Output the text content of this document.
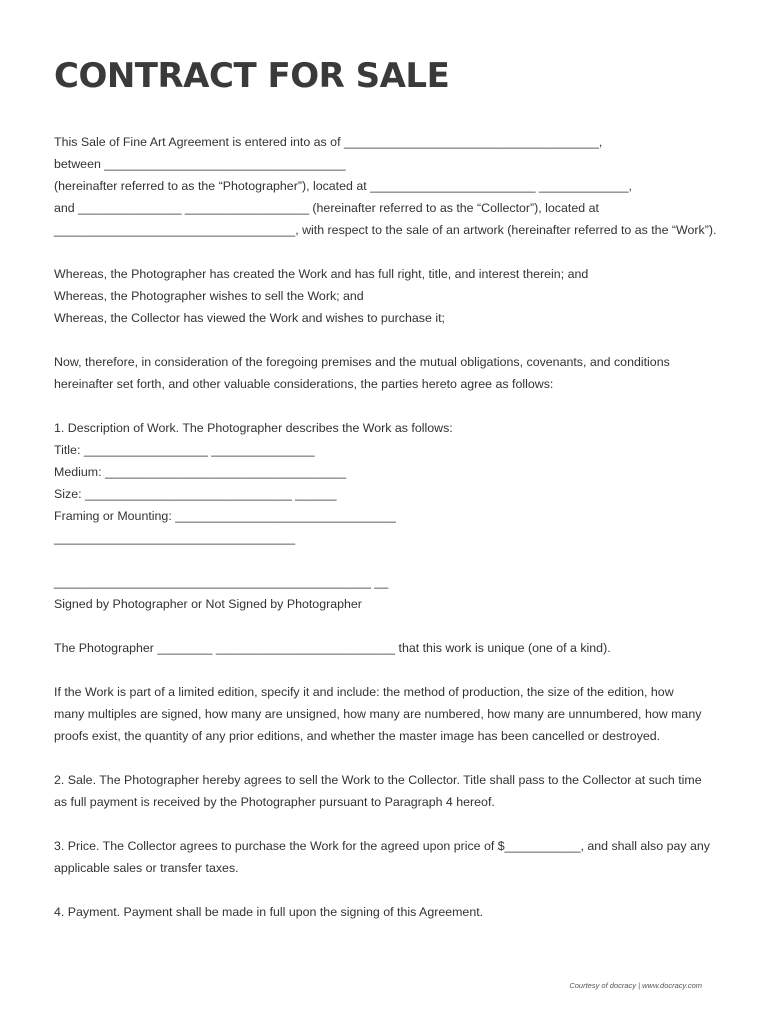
CONTRACT FOR SALE
This Sale of Fine Art Agreement is entered into as of _____________________________________,
between ___________________________________
(hereinafter referred to as the “Photographer”), located at ________________________ _____________,
and _______________ __________________ (hereinafter referred to as the “Collector”), located at
___________________________________, with respect to the sale of an artwork (hereinafter referred to as the “Work”).
Whereas, the Photographer has created the Work and has full right, title, and interest therein; and
Whereas, the Photographer wishes to sell the Work; and
Whereas, the Collector has viewed the Work and wishes to purchase it;
Now, therefore, in consideration of the foregoing premises and the mutual obligations, covenants, and conditions
hereinafter set forth, and other valuable considerations, the parties hereto agree as follows:
1. Description of Work. The Photographer describes the Work as follows:
Title: __________________ _______________
Medium: ___________________________________
Size: ______________________________ ______
Framing or Mounting: ________________________________
___________________________________
______________________________________________ __
Signed by Photographer or Not Signed by Photographer
The Photographer ________ __________________________ that this work is unique (one of a kind).
If the Work is part of a limited edition, specify it and include: the method of production, the size of the edition, how
many multiples are signed, how many are unsigned, how many are numbered, how many are unnumbered, how many
proofs exist, the quantity of any prior editions, and whether the master image has been cancelled or destroyed.
2. Sale. The Photographer hereby agrees to sell the Work to the Collector. Title shall pass to the Collector at such time
as full payment is received by the Photographer pursuant to Paragraph 4 hereof.
3. Price. The Collector agrees to purchase the Work for the agreed upon price of $___________, and shall also pay any
applicable sales or transfer taxes.
4. Payment. Payment shall be made in full upon the signing of this Agreement.
Courtesy of docracy | www.docracy.com
